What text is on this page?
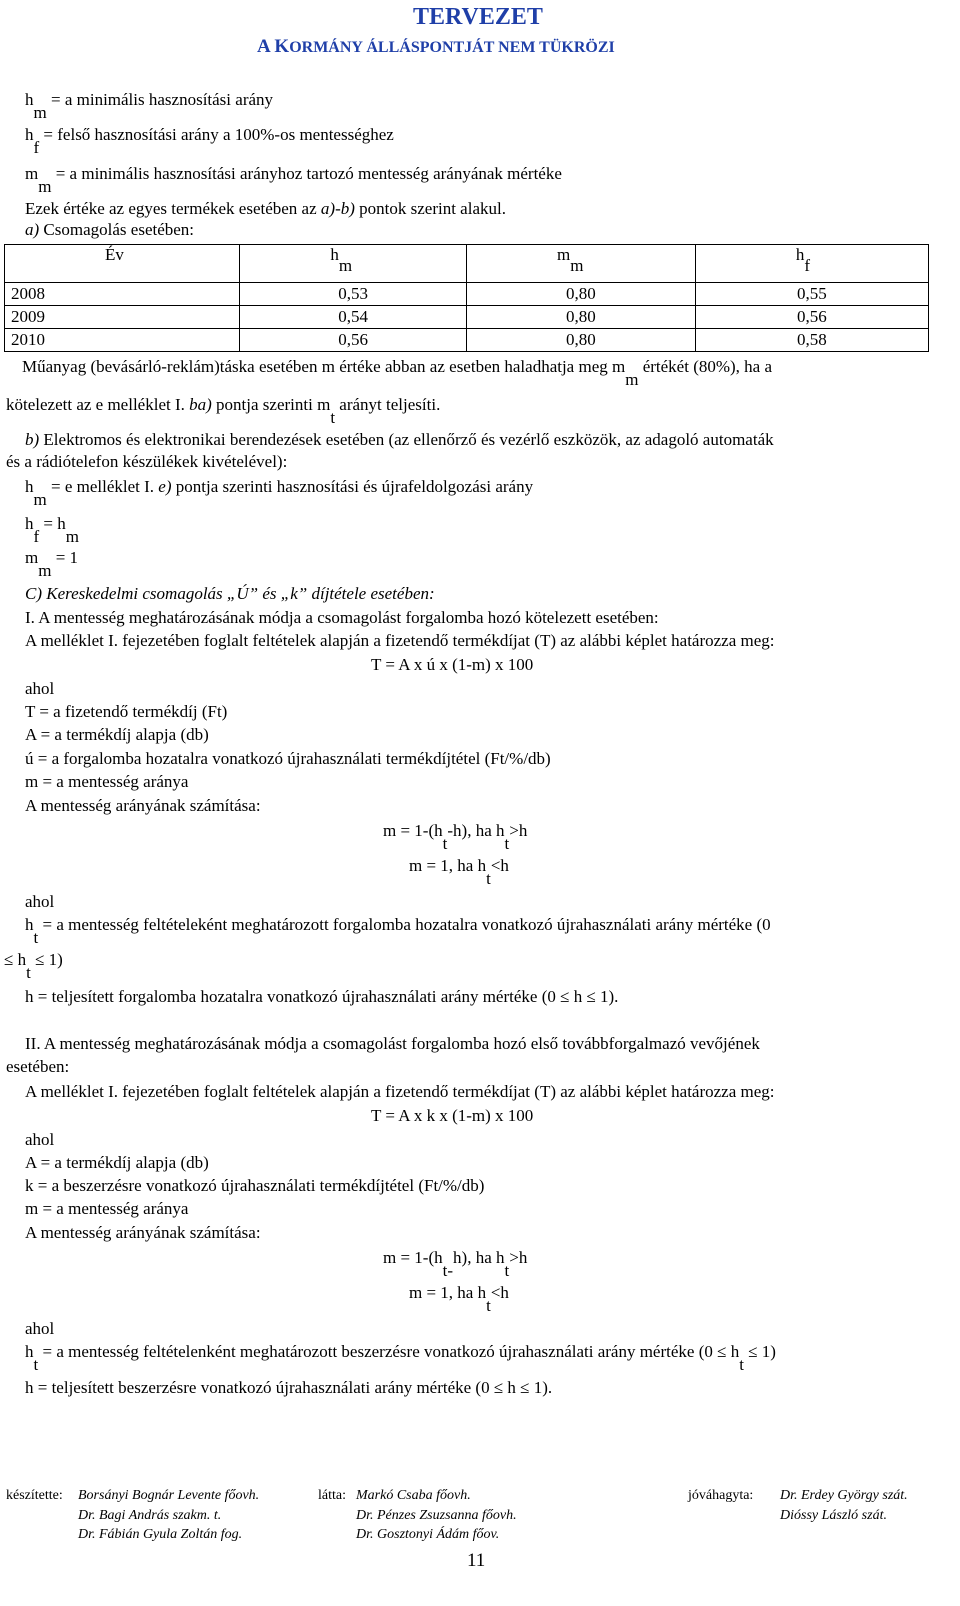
TERVEZET
A KORMÁNY ÁLLÁSPONTJÁT NEM TÜKRÖZI
hm = a minimális hasznosítási arány
hf = felső hasznosítási arány a 100%-os mentességhez
mm = a minimális hasznosítási arányhoz tartozó mentesség arányának mértéke
Ezek értéke az egyes termékek esetében az a)-b) pontok szerint alakul.
a) Csomagolás esetében:
Év	hm	mm	hf
2008	0,53	0,80	0,55
2009	0,54	0,80	0,56
2010	0,56	0,80	0,58
Műanyag (bevásárló-reklám)táska esetében m értéke abban az esetben haladhatja meg mm értékét (80%), ha a
kötelezett az e melléklet I. ba) pontja szerinti mt arányt teljesíti.
b) Elektromos és elektronikai berendezések esetében (az ellenőrző és vezérlő eszközök, az adagoló automaták
és a rádiótelefon készülékek kivételével):
hm = e melléklet I. e) pontja szerinti hasznosítási és újrafeldolgozási arány
hf = hm
mm = 1
C) Kereskedelmi csomagolás „Ú” és „k” díjtétele esetében:
I. A mentesség meghatározásának módja a csomagolást forgalomba hozó kötelezett esetében:
A melléklet I. fejezetében foglalt feltételek alapján a fizetendő termékdíjat (T) az alábbi képlet határozza meg:
T = A x ú x (1-m) x 100
ahol
T = a fizetendő termékdíj (Ft)
A = a termékdíj alapja (db)
ú = a forgalomba hozatalra vonatkozó újrahasználati termékdíjtétel (Ft/%/db)
m = a mentesség aránya
A mentesség arányának számítása:
m = 1-(ht-h), ha ht>h
m = 1, ha ht<h
ahol
ht = a mentesség feltételeként meghatározott forgalomba hozatalra vonatkozó újrahasználati arány mértéke (0
≤ ht ≤ 1)
h = teljesített forgalomba hozatalra vonatkozó újrahasználati arány mértéke (0 ≤ h ≤ 1).
II. A mentesség meghatározásának módja a csomagolást forgalomba hozó első továbbforgalmazó vevőjének
esetében:
A melléklet I. fejezetében foglalt feltételek alapján a fizetendő termékdíjat (T) az alábbi képlet határozza meg:
T = A x k x (1-m) x 100
ahol
A = a termékdíj alapja (db)
k = a beszerzésre vonatkozó újrahasználati termékdíjtétel (Ft/%/db)
m = a mentesség aránya
A mentesség arányának számítása:
m = 1-(ht-h), ha ht>h
m = 1, ha ht<h
ahol
ht = a mentesség feltételenként meghatározott beszerzésre vonatkozó újrahasználati arány mértéke (0 ≤ ht ≤ 1)
h = teljesített beszerzésre vonatkozó újrahasználati arány mértéke (0 ≤ h ≤ 1).
készítette: Borsányi Bognár Levente főovh.
Dr. Bagi András szakm. t.
Dr. Fábián Gyula Zoltán fog.
látta: Markó Csaba főovh.
Dr. Pénzes Zsuzsanna főovh.
Dr. Gosztonyi Ádám főov.
jóváhagyta: Dr. Erdey György szát.
Dióssy László szát.
11
